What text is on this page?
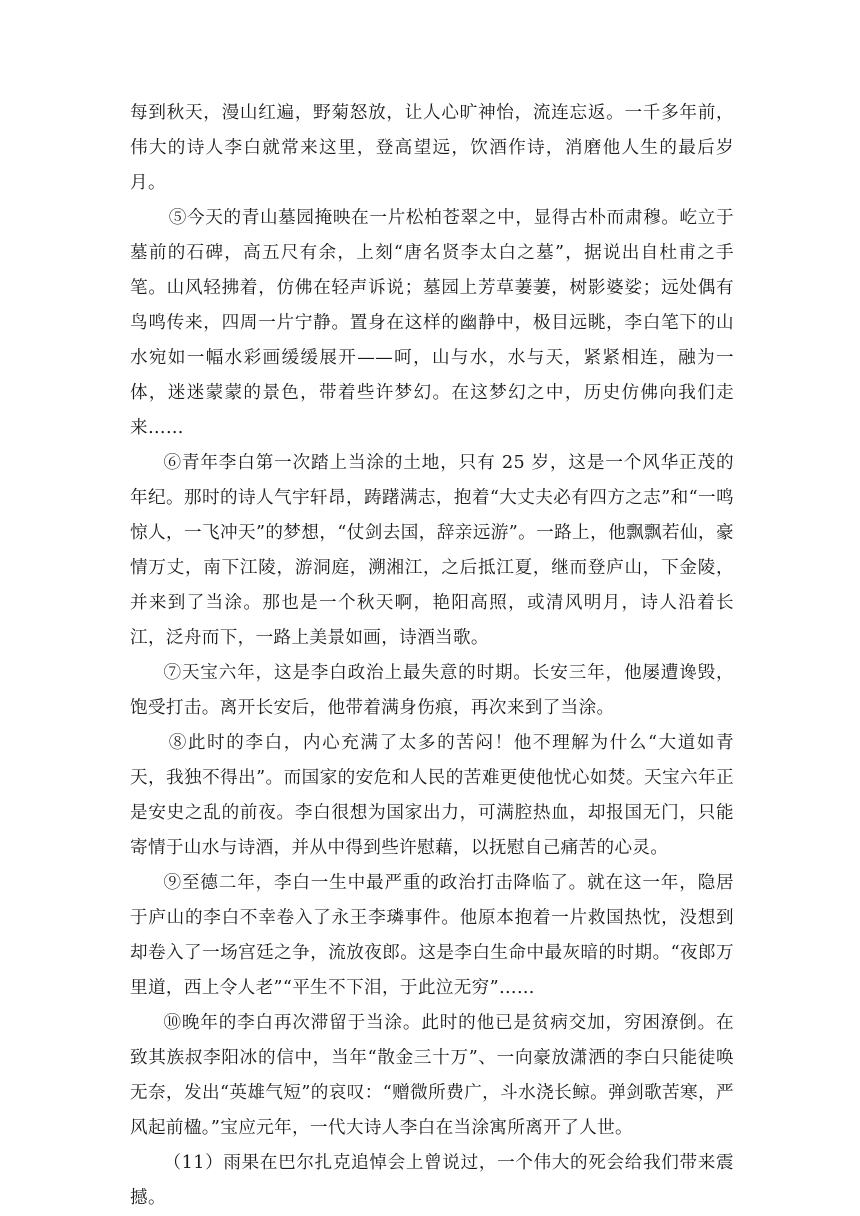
每到秋天，漫山红遍，野菊怒放，让人心旷神怡，流连忘返。一千多年前，伟大的诗人李白就常来这里，登高望远，饮酒作诗，消磨他人生的最后岁月。

⑤今天的青山墓园掩映在一片松柏苍翠之中，显得古朴而肃穆。屹立于墓前的石碑，高五尺有余，上刻“唐名贤李太白之墓”，据说出自杜甫之手笔。山风轻拂着，仿佛在轻声诉说；墓园上芳草萋萋，树影婆娑；远处偶有鸟鸣传来，四周一片宁静。置身在这样的幽静中，极目远眺，李白笔下的山水宛如一幅水彩画缓缓展开——呵，山与水，水与天，紧紧相连，融为一体，迷迷蒙蒙的景色，带着些许梦幻。在这梦幻之中，历史仿佛向我们走来……

⑥青年李白第一次踏上当涂的土地，只有 25 岁，这是一个风华正茂的年纪。那时的诗人气宇轩昂，踌躇满志，抱着“大丈夫必有四方之志”和“一鸣惊人，一飞冲天”的梦想，“仗剑去国，辞亲远游”。一路上，他飘飘若仙，豪情万丈，南下江陵，游洞庭，溯湘江，之后抵江夏，继而登庐山，下金陵，并来到了当涂。那也是一个秋天啊，艳阳高照，或清风明月，诗人沿着长江，泛舟而下，一路上美景如画，诗酒当歌。

⑦天宝六年，这是李白政治上最失意的时期。长安三年，他屡遭谗毁，饱受打击。离开长安后，他带着满身伤痕，再次来到了当涂。

⑧此时的李白，内心充满了太多的苦闷！他不理解为什么“大道如青天，我独不得出”。而国家的安危和人民的苦难更使他忧心如焚。天宝六年正是安史之乱的前夜。李白很想为国家出力，可满腔热血，却报国无门，只能寄情于山水与诗酒，并从中得到些许慰藉，以抚慰自己痛苦的心灵。

⑨至德二年，李白一生中最严重的政治打击降临了。就在这一年，隐居于庐山的李白不幸卷入了永王李璘事件。他原本抱着一片救国热忱，没想到却卷入了一场宫廷之争，流放夜郎。这是李白生命中最灰暗的时期。“夜郎万里道，西上令人老”“平生不下泪，于此泣无穷”……

⑩晚年的李白再次滞留于当涂。此时的他已是贫病交加，穷困潦倒。在致其族叔李阳冰的信中，当年“散金三十万”、一向豪放潇洒的李白只能徒唤无奈，发出“英雄气短”的哀叹：“赠微所费广，斗水浇长鲸。弹剑歌苦寒，严风起前楹。”宝应元年，一代大诗人李白在当涂寓所离开了人世。

（11）雨果在巴尔扎克追悼会上曾说过，一个伟大的死会给我们带来震撼。
